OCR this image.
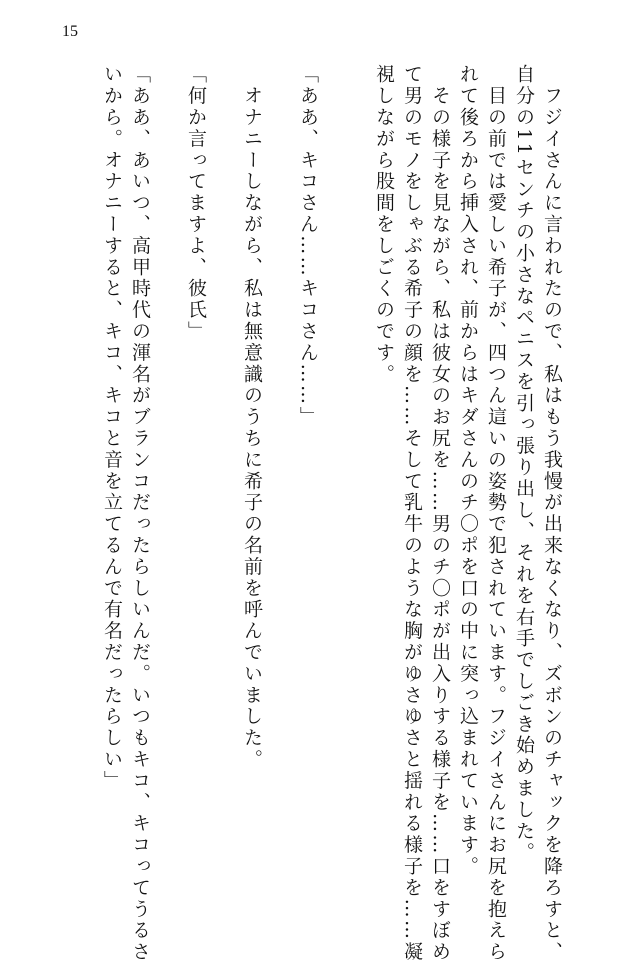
15
　フジイさんに言われたので、私はもう我慢が出来なくなり、ズボンのチャックを降ろすと、
自分の11センチの小さなペニスを引っ張り出し、それを右手でしごき始めました。
　目の前では愛しい希子が、四つん這いの姿勢で犯されています。フジイさんにお尻を抱えら
れて後ろから挿入され、前からはキダさんのチ〇ポを口の中に突っ込まれています。
　その様子を見ながら、私は彼女のお尻を……男のチ〇ポが出入りする様子を……口をすぼめ
て男のモノをしゃぶる希子の顔を……そして乳牛のような胸がゆさゆさと揺れる様子を……凝
視しながら股間をしごくのです。
「ああ、キコさん……キコさん……」
　オナニーしながら、私は無意識のうちに希子の名前を呼んでいました。
「何か言ってますよ、彼氏」
「ああ、あいつ、高甲時代の渾名がブランコだったらしいんだ。いつもキコ、キコってうるさ
いから。オナニーすると、キコ、キコと音を立てるんで有名だったらしい」
